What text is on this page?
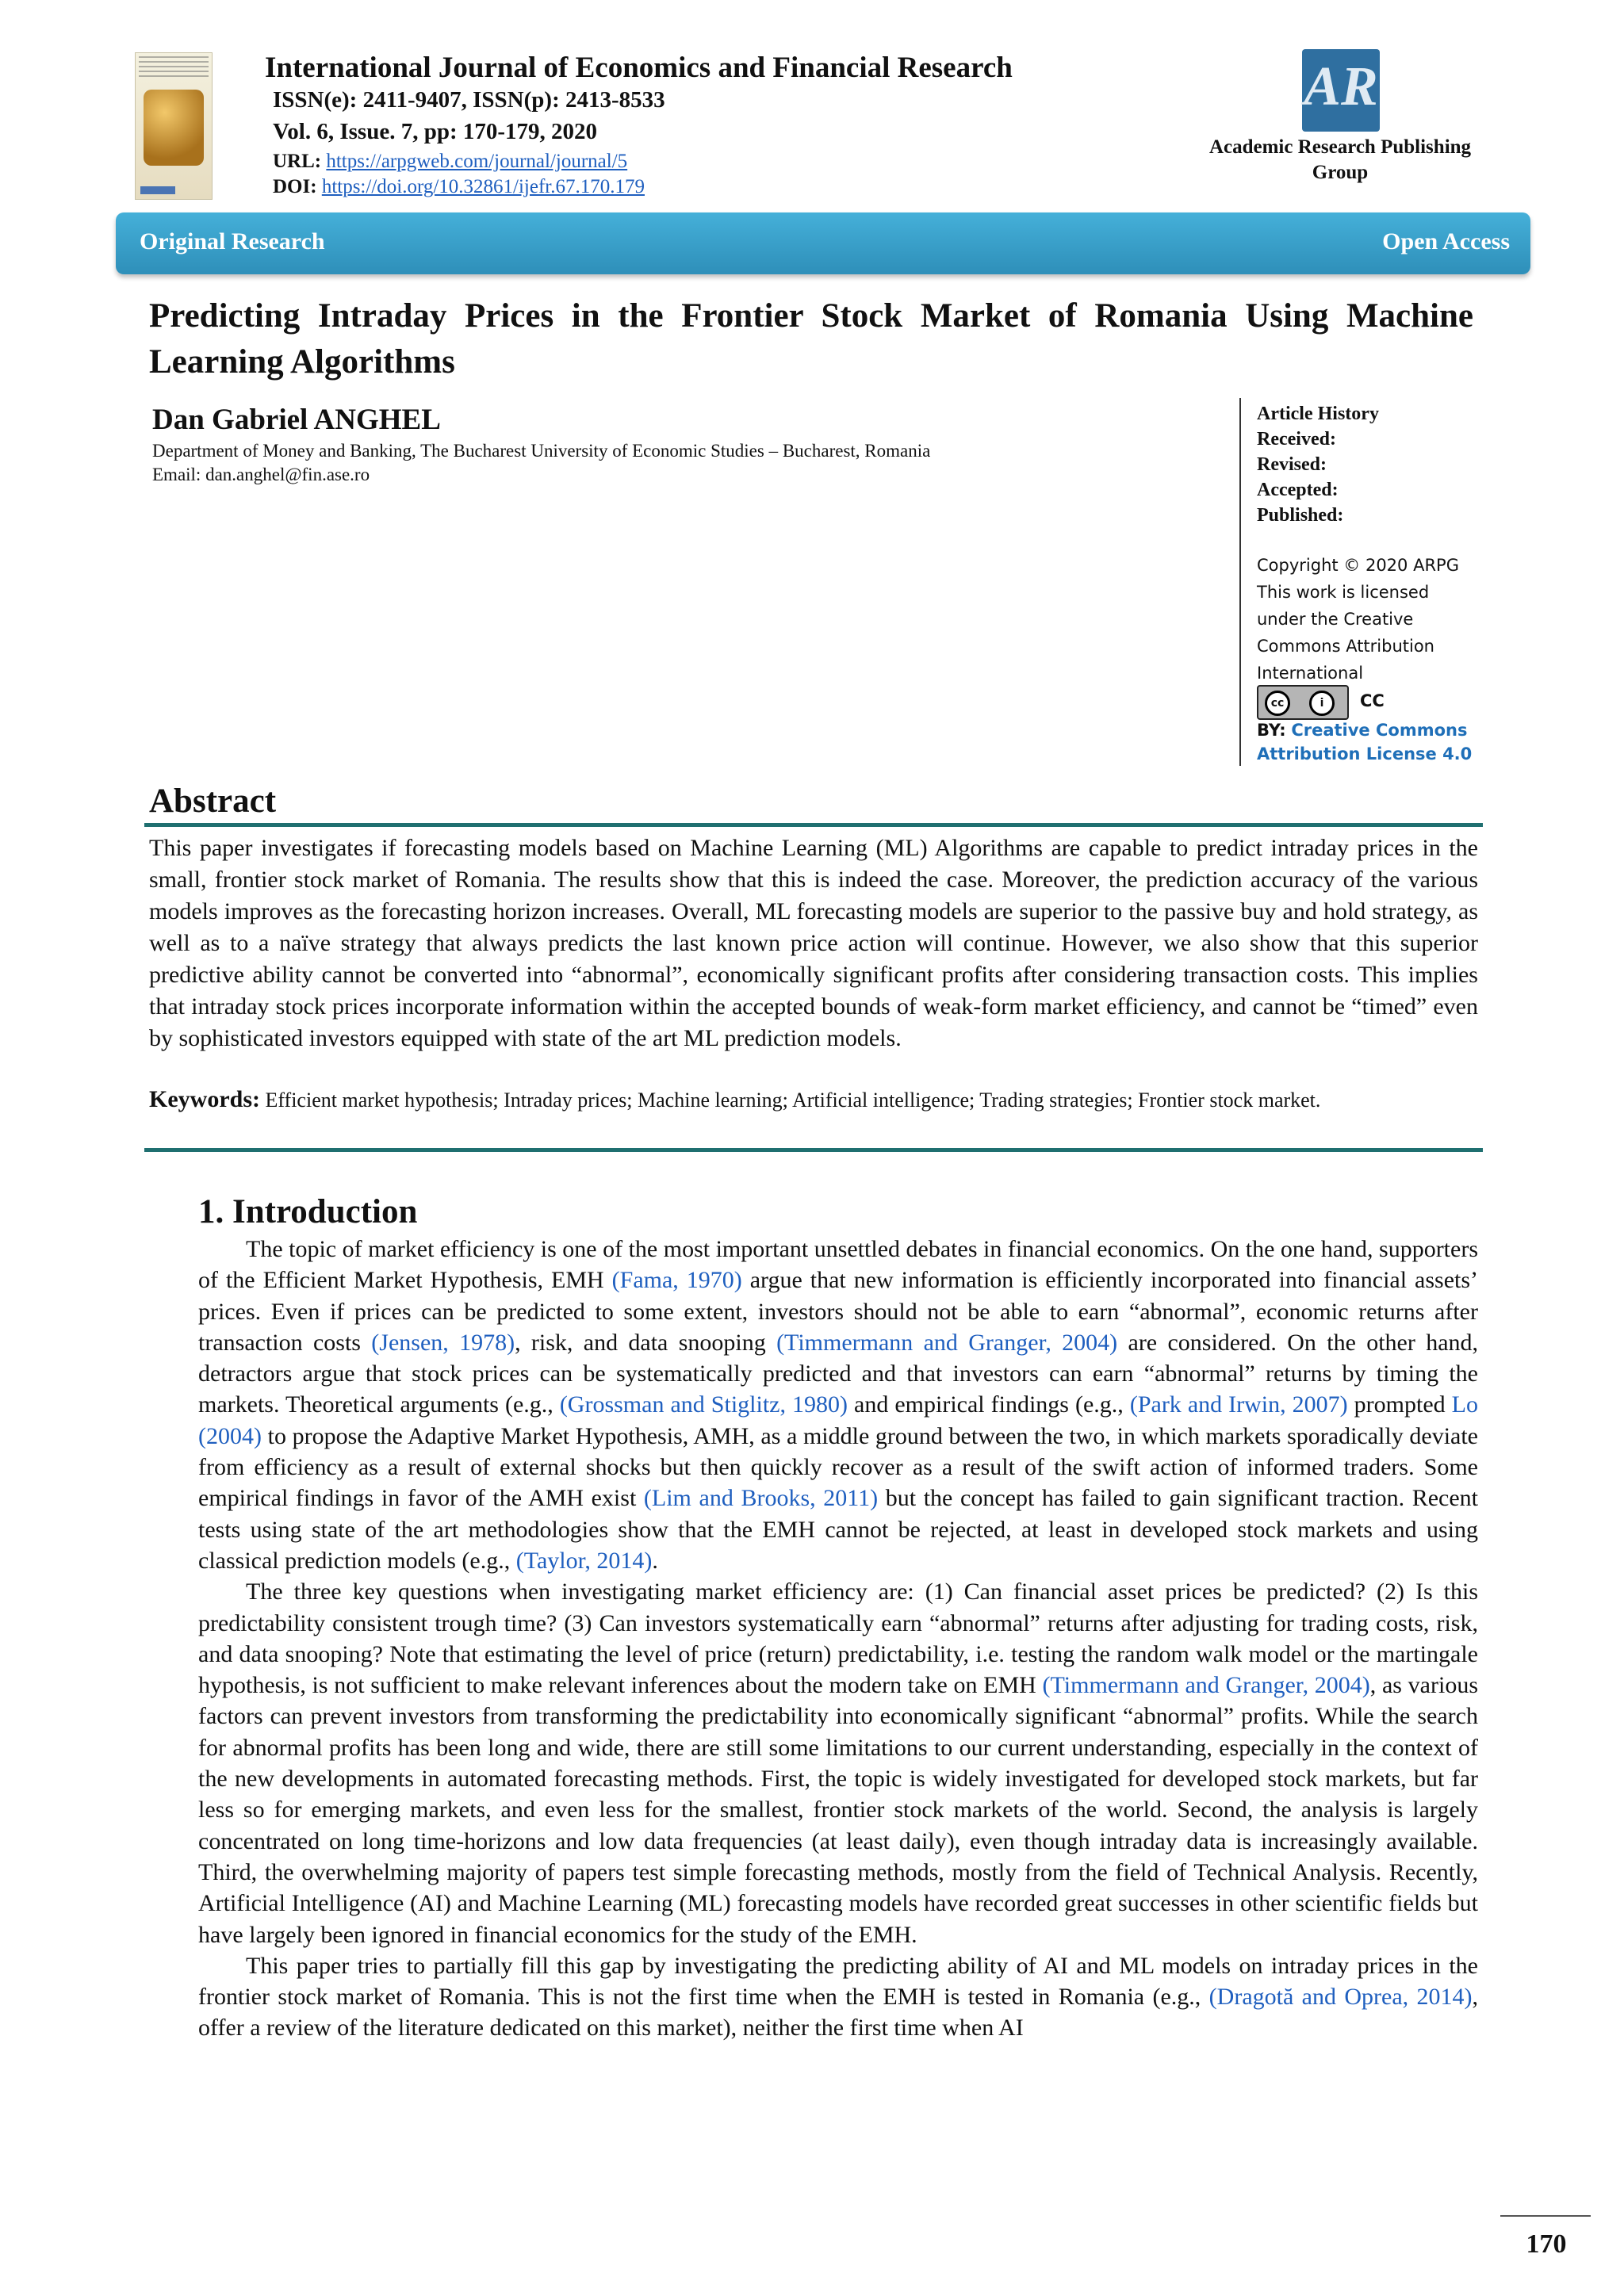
International Journal of Economics and Financial Research
ISSN(e): 2411-9407, ISSN(p): 2413-8533
Vol. 6, Issue. 7, pp: 170-179, 2020
URL: https://arpgweb.com/journal/journal/5
DOI: https://doi.org/10.32861/ijefr.67.170.179
AR
Academic Research Publishing
Group
Original Research	Open Access
Predicting Intraday Prices in the Frontier Stock Market of Romania Using Machine Learning Algorithms
Dan Gabriel ANGHEL
Department of Money and Banking, The Bucharest University of Economic Studies – Bucharest, Romania
Email: dan.anghel@fin.ase.ro
Article History
Received:
Revised:
Accepted:
Published:
Copyright © 2020 ARPG
This work is licensed
under the Creative
Commons Attribution
International
cc	i	CC
BY: Creative Commons Attribution License 4.0
Abstract
This paper investigates if forecasting models based on Machine Learning (ML) Algorithms are capable to predict intraday prices in the small, frontier stock market of Romania. The results show that this is indeed the case. Moreover, the prediction accuracy of the various models improves as the forecasting horizon increases. Overall, ML forecasting models are superior to the passive buy and hold strategy, as well as to a naïve strategy that always predicts the last known price action will continue. However, we also show that this superior predictive ability cannot be converted into “abnormal”, economically significant profits after considering transaction costs. This implies that intraday stock prices incorporate information within the accepted bounds of weak-form market efficiency, and cannot be “timed” even by sophisticated investors equipped with state of the art ML prediction models.
Keywords: Efficient market hypothesis; Intraday prices; Machine learning; Artificial intelligence; Trading strategies; Frontier stock market.
1. Introduction

The topic of market efficiency is one of the most important unsettled debates in financial economics. On the one hand, supporters of the Efficient Market Hypothesis, EMH (Fama, 1970) argue that new information is efficiently incorporated into financial assets’ prices. Even if prices can be predicted to some extent, investors should not be able to earn “abnormal”, economic returns after transaction costs (Jensen, 1978), risk, and data snooping (Timmermann and Granger, 2004) are considered. On the other hand, detractors argue that stock prices can be systematically predicted and that investors can earn “abnormal” returns by timing the markets. Theoretical arguments (e.g., (Grossman and Stiglitz, 1980) and empirical findings (e.g., (Park and Irwin, 2007) prompted Lo (2004) to propose the Adaptive Market Hypothesis, AMH, as a middle ground between the two, in which markets sporadically deviate from efficiency as a result of external shocks but then quickly recover as a result of the swift action of informed traders. Some empirical findings in favor of the AMH exist (Lim and Brooks, 2011) but the concept has failed to gain significant traction. Recent tests using state of the art methodologies show that the EMH cannot be rejected, at least in developed stock markets and using classical prediction models (e.g., (Taylor, 2014).

The three key questions when investigating market efficiency are: (1) Can financial asset prices be predicted? (2) Is this predictability consistent trough time? (3) Can investors systematically earn “abnormal” returns after adjusting for trading costs, risk, and data snooping? Note that estimating the level of price (return) predictability, i.e. testing the random walk model or the martingale hypothesis, is not sufficient to make relevant inferences about the modern take on EMH (Timmermann and Granger, 2004), as various factors can prevent investors from transforming the predictability into economically significant “abnormal” profits. While the search for abnormal profits has been long and wide, there are still some limitations to our current understanding, especially in the context of the new developments in automated forecasting methods. First, the topic is widely investigated for developed stock markets, but far less so for emerging markets, and even less for the smallest, frontier stock markets of the world. Second, the analysis is largely concentrated on long time-horizons and low data frequencies (at least daily), even though intraday data is increasingly available. Third, the overwhelming majority of papers test simple forecasting methods, mostly from the field of Technical Analysis. Recently, Artificial Intelligence (AI) and Machine Learning (ML) forecasting models have recorded great successes in other scientific fields but have largely been ignored in financial economics for the study of the EMH.

This paper tries to partially fill this gap by investigating the predicting ability of AI and ML models on intraday prices in the frontier stock market of Romania. This is not the first time when the EMH is tested in Romania (e.g., (Dragotă and Oprea, 2014), offer a review of the literature dedicated on this market), neither the first time when AI

170
